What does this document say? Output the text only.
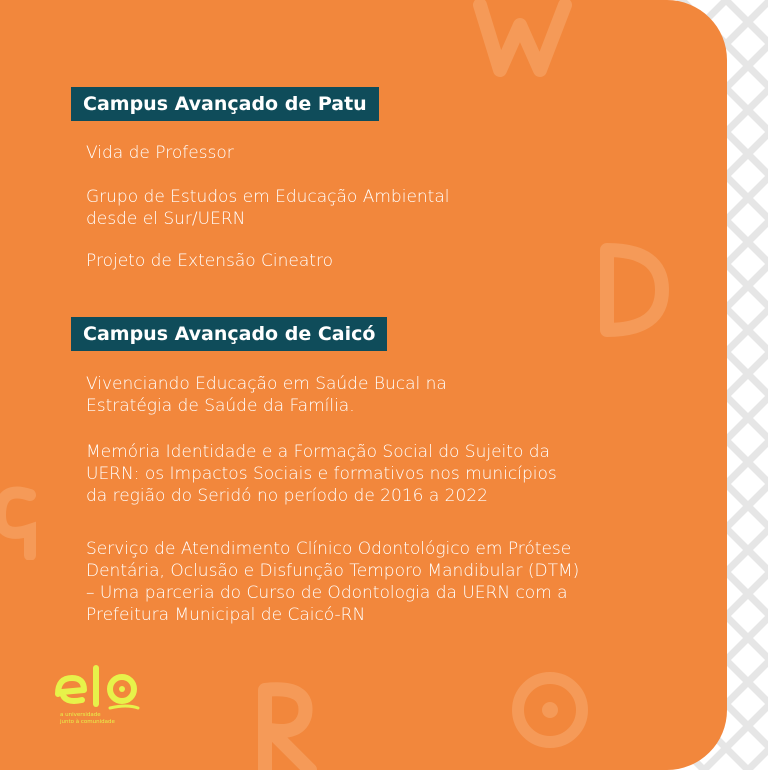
Campus Avançado de Patu
Vida de Professor
Grupo de Estudos em Educação Ambiental
desde el Sur/UERN
Projeto de Extensão Cineatro
Campus Avançado de Caicó
Vivenciando Educação em Saúde Bucal na
Estratégia de Saúde da Família.
Memória Identidade e a Formação Social do Sujeito da
UERN: os Impactos Sociais e formativos nos municípios
da região do Seridó no período de 2016 a 2022
Serviço de Atendimento Clínico Odontológico em Prótese
Dentária, Oclusão e Disfunção Temporo Mandibular (DTM)
– Uma parceria do Curso de Odontologia da UERN com a
Prefeitura Municipal de Caicó-RN
a universidade
junto à comunidade
